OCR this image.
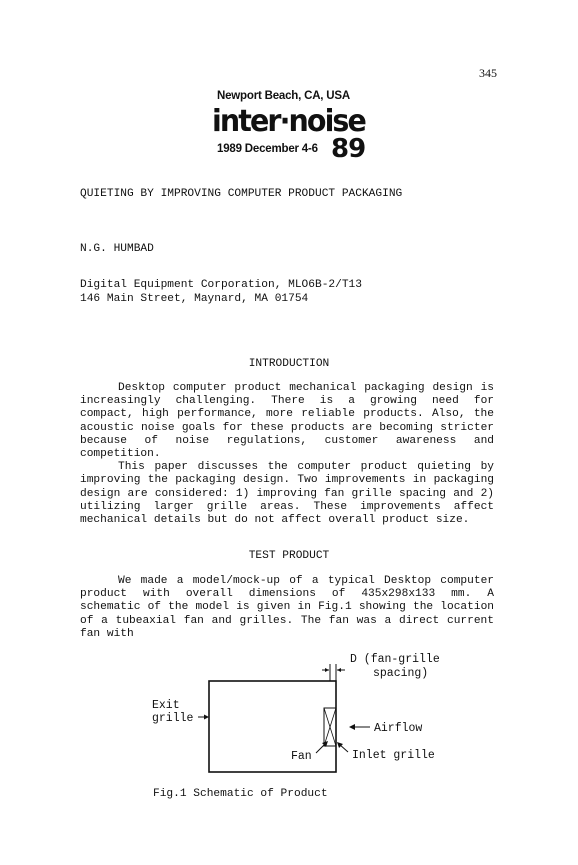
345
Newport Beach, CA, USA
inter·noise
1989 December 4-6 89
QUIETING BY IMPROVING COMPUTER PRODUCT PACKAGING
N.G. HUMBAD
Digital Equipment Corporation, MLO6B-2/T13
146 Main Street, Maynard, MA 01754
INTRODUCTION

Desktop computer product mechanical packaging design is increasingly challenging. There is a growing need for compact, high performance, more reliable products. Also, the acoustic noise goals for these products are becoming stricter because of noise regulations, customer awareness and competition.

This paper discusses the computer product quieting by improving the packaging design. Two improvements in packaging design are considered: 1) improving fan grille spacing and 2) utilizing larger grille areas. These improvements affect mechanical details but do not affect overall product size.

TEST PRODUCT

We made a model/mock-up of a typical Desktop computer product with overall dimensions of 435x298x133 mm. A schematic of the model is given in Fig.1 showing the location of a tubeaxial fan and grilles. The fan was a direct current fan with

D (fan-grille
spacing)
Exit
grille
Airflow
Fan	Inlet grille
Fig.1 Schematic of Product
